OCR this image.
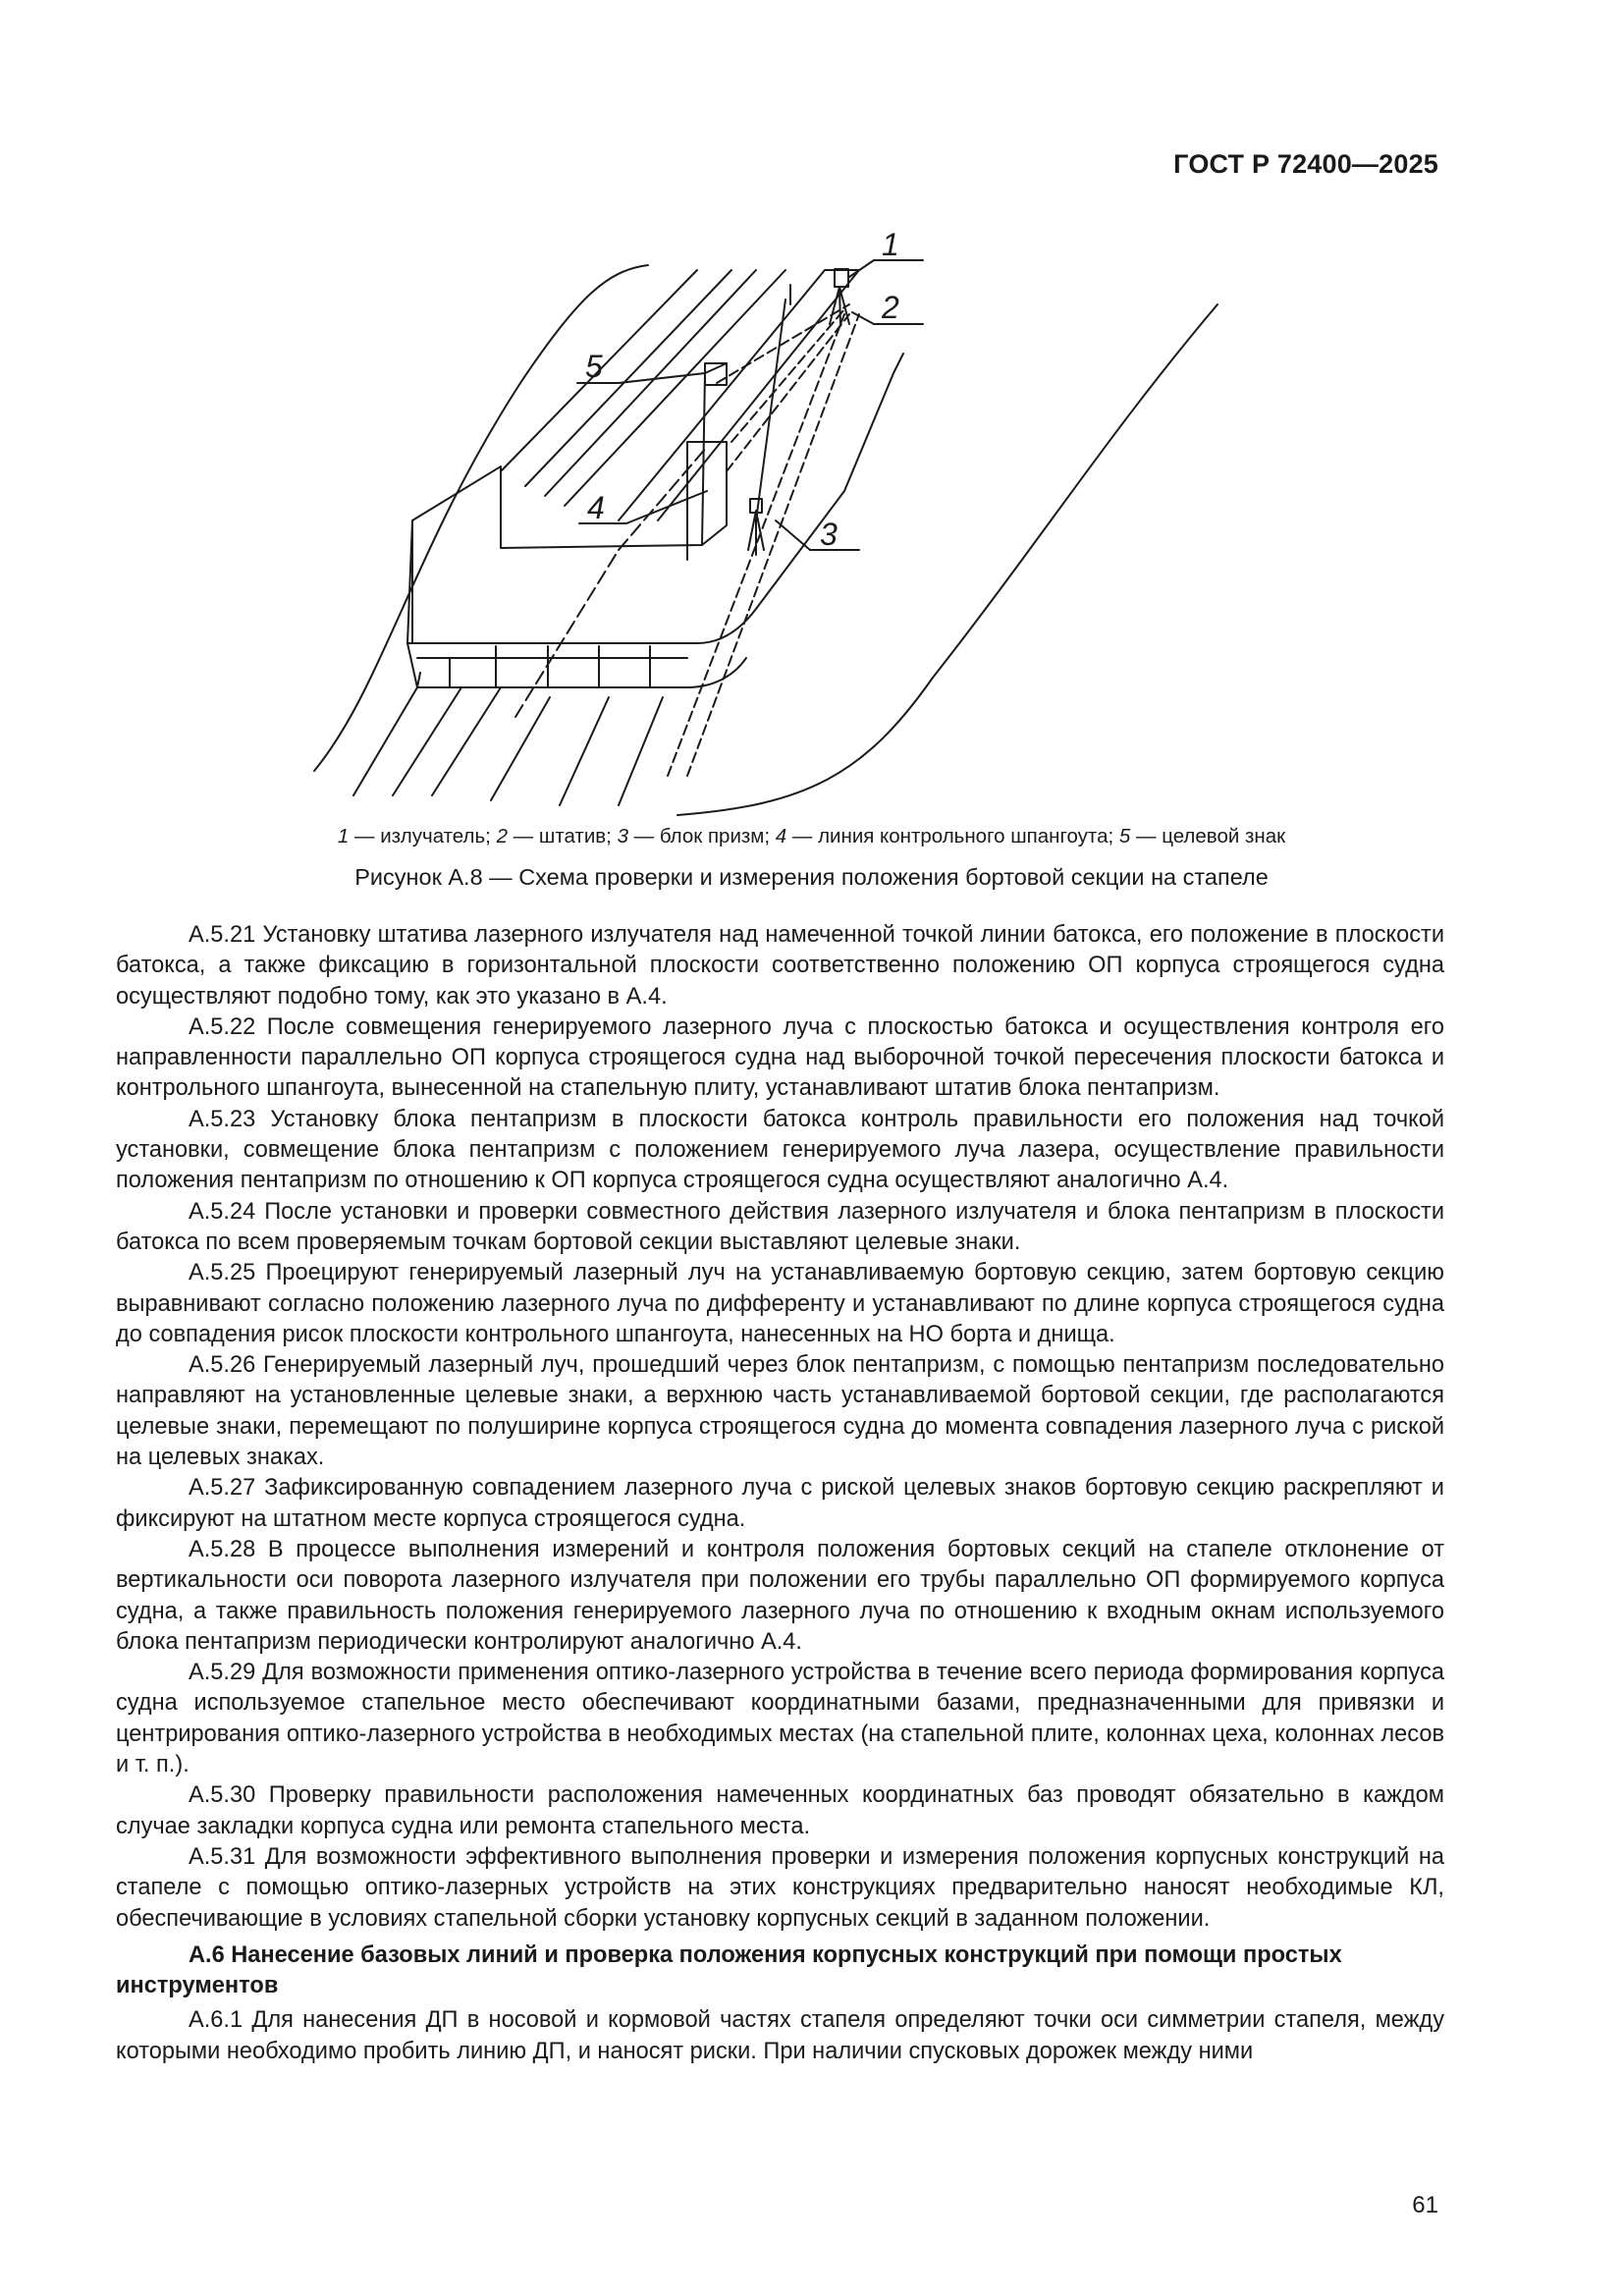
ГОСТ Р 72400—2025
1
2
3
4
5
1 — излучатель; 2 — штатив; 3 — блок призм; 4 — линия контрольного шпангоута; 5 — целевой знак
Рисунок А.8 — Схема проверки и измерения положения бортовой секции на стапеле

А.5.21 Установку штатива лазерного излучателя над намеченной точкой линии батокса, его положение в плоскости батокса, а также фиксацию в горизонтальной плоскости соответственно положению ОП корпуса строящегося судна осуществляют подобно тому, как это указано в А.4.

А.5.22 После совмещения генерируемого лазерного луча с плоскостью батокса и осуществления контроля его направленности параллельно ОП корпуса строящегося судна над выборочной точкой пересечения плоскости батокса и контрольного шпангоута, вынесенной на стапельную плиту, устанавливают штатив блока пентапризм.

А.5.23 Установку блока пентапризм в плоскости батокса контроль правильности его положения над точкой установки, совмещение блока пентапризм с положением генерируемого луча лазера, осуществление правильности положения пентапризм по отношению к ОП корпуса строящегося судна осуществляют аналогично А.4.

А.5.24 После установки и проверки совместного действия лазерного излучателя и блока пентапризм в плоскости батокса по всем проверяемым точкам бортовой секции выставляют целевые знаки.

А.5.25 Проецируют генерируемый лазерный луч на устанавливаемую бортовую секцию, затем бортовую секцию выравнивают согласно положению лазерного луча по дифференту и устанавливают по длине корпуса строящегося судна до совпадения рисок плоскости контрольного шпангоута, нанесенных на НО борта и днища.

А.5.26 Генерируемый лазерный луч, прошедший через блок пентапризм, с помощью пентапризм последовательно направляют на установленные целевые знаки, а верхнюю часть устанавливаемой бортовой секции, где располагаются целевые знаки, перемещают по полуширине корпуса строящегося судна до момента совпадения лазерного луча с риской на целевых знаках.

А.5.27 Зафиксированную совпадением лазерного луча с риской целевых знаков бортовую секцию раскрепляют и фиксируют на штатном месте корпуса строящегося судна.

А.5.28 В процессе выполнения измерений и контроля положения бортовых секций на стапеле отклонение от вертикальности оси поворота лазерного излучателя при положении его трубы параллельно ОП формируемого корпуса судна, а также правильность положения генерируемого лазерного луча по отношению к входным окнам используемого блока пентапризм периодически контролируют аналогично А.4.

А.5.29 Для возможности применения оптико-лазерного устройства в течение всего периода формирования корпуса судна используемое стапельное место обеспечивают координатными базами, предназначенными для привязки и центрирования оптико-лазерного устройства в необходимых местах (на стапельной плите, колоннах цеха, колоннах лесов и т. п.).

А.5.30 Проверку правильности расположения намеченных координатных баз проводят обязательно в каждом случае закладки корпуса судна или ремонта стапельного места.

А.5.31 Для возможности эффективного выполнения проверки и измерения положения корпусных конструкций на стапеле с помощью оптико-лазерных устройств на этих конструкциях предварительно наносят необходимые КЛ, обеспечивающие в условиях стапельной сборки установку корпусных секций в заданном положении.

А.6 Нанесение базовых линий и проверка положения корпусных конструкций при помощи простых инструментов

А.6.1 Для нанесения ДП в носовой и кормовой частях стапеля определяют точки оси симметрии стапеля, между которыми необходимо пробить линию ДП, и наносят риски. При наличии спусковых дорожек между ними

61
